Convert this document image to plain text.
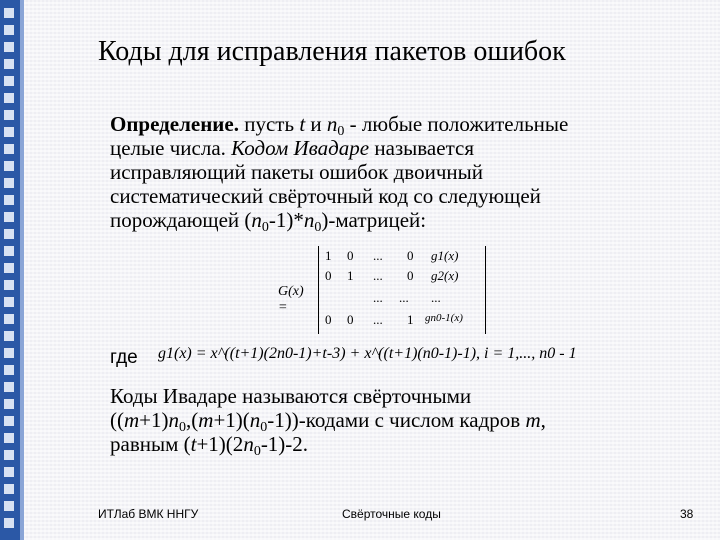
Коды для исправления пакетов ошибок
Определение. пусть t и $n_0$ - любые положительные
целые числа. Кодом Ивадаре называется
исправляющий пакеты ошибок двоичный
систематический свёрточный код со следующей
порождающей $(n_0-1)*n_0$)-матрицей:
G(x) =
1 0 ... 0 g1(x)
0 1 ... 0 g2(x)
... ... ...
0 0 ... 1 gn0-1(x)
где g1(x) = x^((t+1)(2n0-1)+t-3) + x^((t+1)(n0-1)-1), i = 1,..., n0 - 1
Коды Ивадаре называются свёрточными
$((m+1)n_0,(m+1)(n_0-1))$-кодами с числом кадров m,
равным $(t+1)(2n_0-1)-2$.
ИТЛаб ВМК ННГУ	Свёрточные коды	38
